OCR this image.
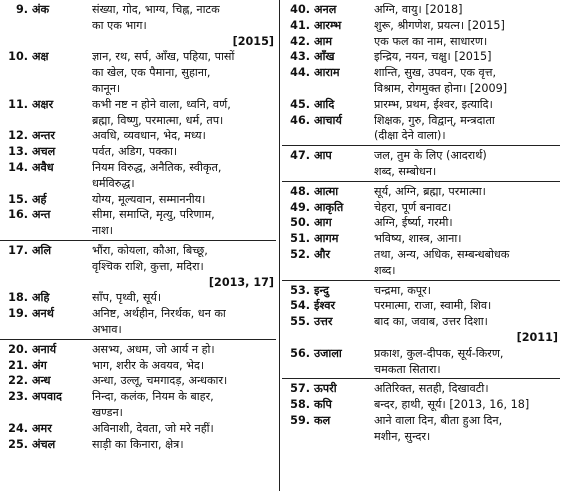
9. अंक	संख्या, गोद, भाग्य, चिह्न, नाटक
का एक भाग।
[2015]
10. अक्ष	ज्ञान, रथ, सर्प, आँख, पहिया, पासों
का खेल, एक पैमाना, सुहाना,
कानून।
11. अक्षर	कभी नष्ट न होने वाला, ध्वनि, वर्ण,
ब्रह्मा, विष्णु, परमात्मा, धर्म, तप।
12. अन्तर	अवधि, व्यवधान, भेद, मध्य।
13. अचल	पर्वत, अडिग, पक्का।
14. अवैध	नियम विरुद्ध, अनैतिक, स्वीकृत,
धर्मविरुद्ध।
15. अर्ह	योग्य, मूल्यवान, सम्माननीय।
16. अन्त	सीमा, समाप्ति, मृत्यु, परिणाम,
नाश।
17. अलि	भौंरा, कोयला, कौआ, बिच्छू,
वृश्चिक राशि, कुत्ता, मदिरा।
[2013, 17]
18. अहि	साँप, पृथ्वी, सूर्य।
19. अनर्थ	अनिष्ट, अर्थहीन, निरर्थक, धन का
अभाव।
20. अनार्य	असभ्य, अधम, जो आर्य न हो।
21. अंग	भाग, शरीर के अवयव, भेद।
22. अन्ध	अन्धा, उल्लू, चमगादड़, अन्धकार।
23. अपवाद	निन्दा, कलंक, नियम के बाहर,
खण्डन।
24. अमर	अविनाशी, देवता, जो मरे नहीं।
25. अंचल	साड़ी का किनारा, क्षेत्र।
40. अनल	अग्नि, वायु। [2018]
41. आरम्भ	शुरू, श्रीगणेश, प्रयत्न। [2015]
42. आम	एक फल का नाम, साधारण।
43. आँख	इन्द्रिय, नयन, चक्षु। [2015]
44. आराम	शान्ति, सुख, उपवन, एक वृत्त,
विश्राम, रोगमुक्त होना। [2009]
45. आदि	प्रारम्भ, प्रथम, ईश्वर, इत्यादि।
46. आचार्य	शिक्षक, गुरु, विद्वान्, मन्त्रदाता
(दीक्षा देने वाला)।
47. आप	जल, तुम के लिए (आदरार्थ)
शब्द, सम्बोधन।
48. आत्मा	सूर्य, अग्नि, ब्रह्मा, परमात्मा।
49. आकृति	चेहरा, पूर्ण बनावट।
50. आग	अग्नि, ईर्ष्या, गरमी।
51. आगम	भविष्य, शास्त्र, आना।
52. और	तथा, अन्य, अधिक, सम्बन्धबोधक
शब्द।
53. इन्दु	चन्द्रमा, कपूर।
54. ईश्वर	परमात्मा, राजा, स्वामी, शिव।
55. उत्तर	बाद का, जवाब, उत्तर दिशा।
[2011]
56. उजाला	प्रकाश, कुल-दीपक, सूर्य-किरण,
चमकता सितारा।
57. ऊपरी	अतिरिक्त, सतही, दिखावटी।
58. कपि	बन्दर, हाथी, सूर्य। [2013, 16, 18]
59. कल	आने वाला दिन, बीता हुआ दिन,
मशीन, सुन्दर।
